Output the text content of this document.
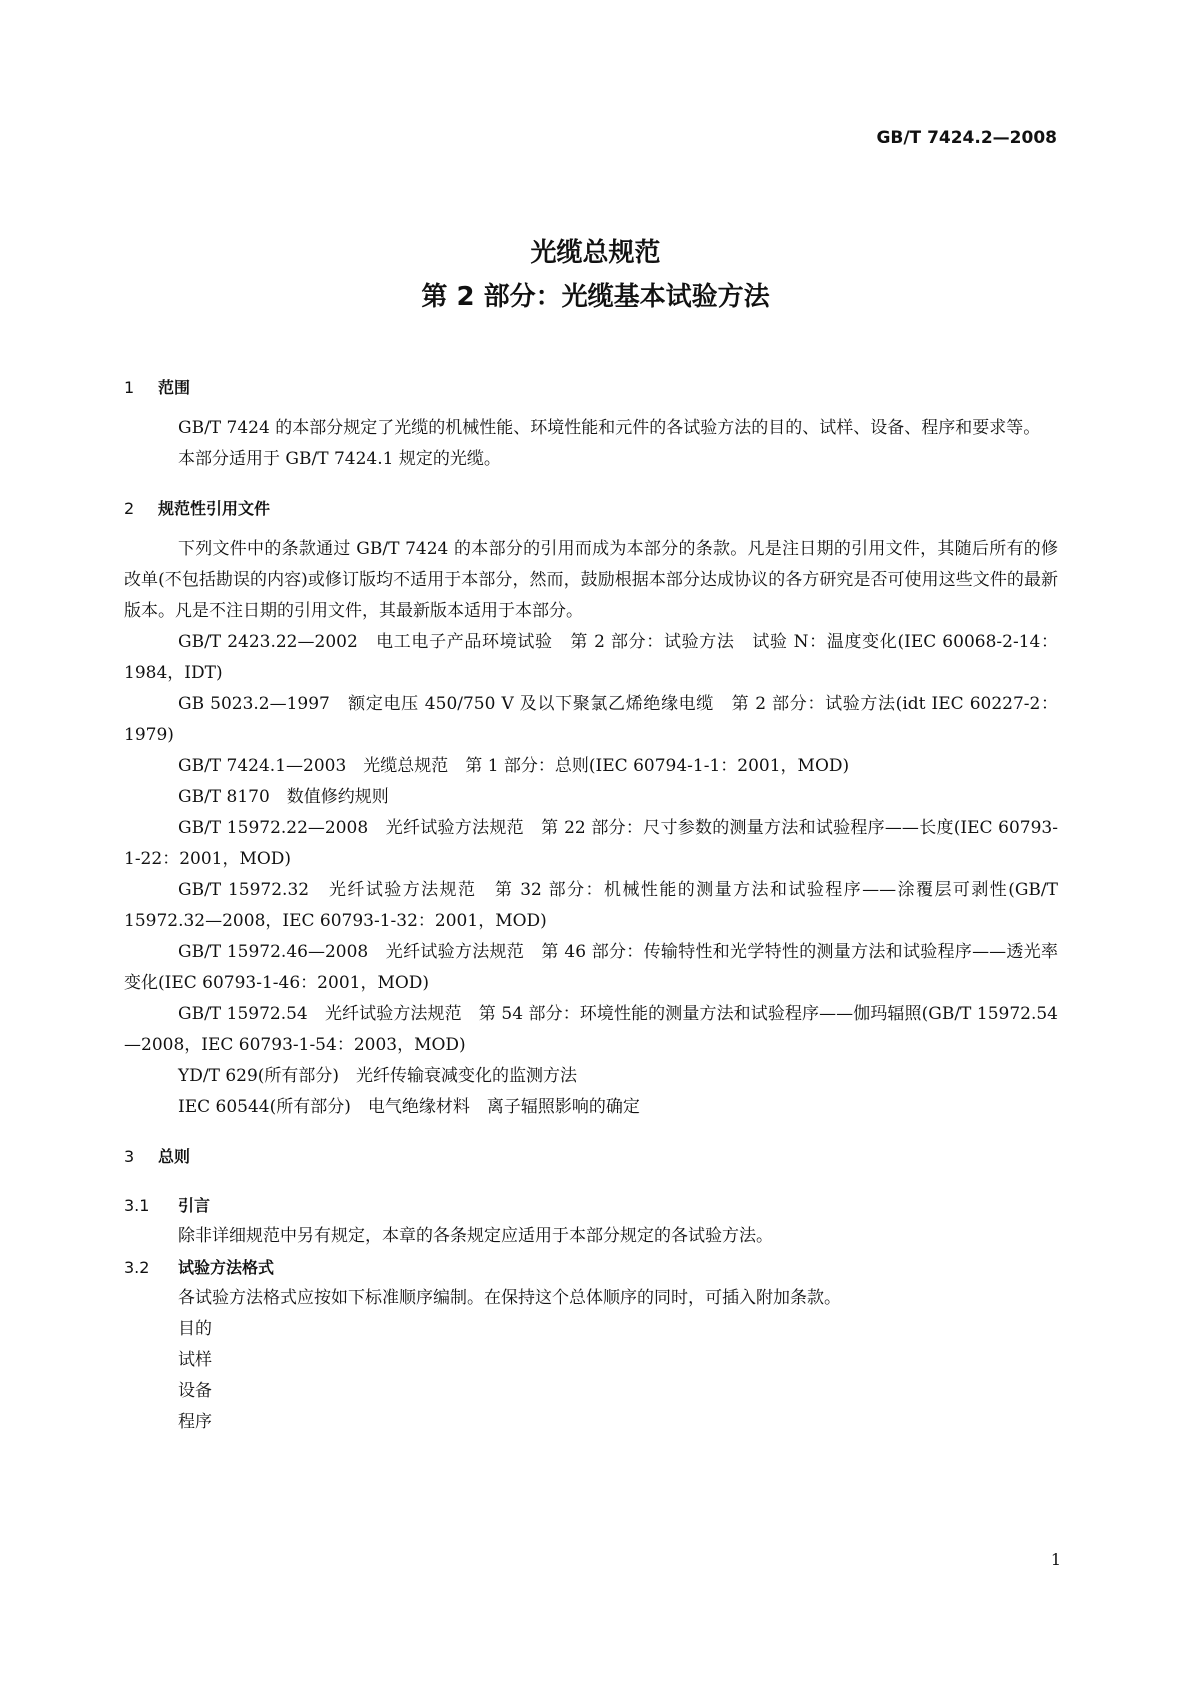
GB/T 7424.2—2008
光缆总规范
第 2 部分：光缆基本试验方法
1 范围

GB/T 7424 的本部分规定了光缆的机械性能、环境性能和元件的各试验方法的目的、试样、设备、程序和要求等。

本部分适用于 GB/T 7424.1 规定的光缆。

2 规范性引用文件

下列文件中的条款通过 GB/T 7424 的本部分的引用而成为本部分的条款。凡是注日期的引用文件，其随后所有的修改单(不包括勘误的内容)或修订版均不适用于本部分，然而，鼓励根据本部分达成协议的各方研究是否可使用这些文件的最新版本。凡是不注日期的引用文件，其最新版本适用于本部分。

GB/T 2423.22—2002　电工电子产品环境试验　第 2 部分：试验方法　试验 N：温度变化(IEC 60068-2-14：1984，IDT)

GB 5023.2—1997　额定电压 450/750 V 及以下聚氯乙烯绝缘电缆　第 2 部分：试验方法(idt IEC 60227-2：1979)

GB/T 7424.1—2003　光缆总规范　第 1 部分：总则(IEC 60794-1-1：2001，MOD)

GB/T 8170　数值修约规则

GB/T 15972.22—2008　光纤试验方法规范　第 22 部分：尺寸参数的测量方法和试验程序——长度(IEC 60793-1-22：2001，MOD)

GB/T 15972.32　光纤试验方法规范　第 32 部分：机械性能的测量方法和试验程序——涂覆层可剥性(GB/T 15972.32—2008，IEC 60793-1-32：2001，MOD)

GB/T 15972.46—2008　光纤试验方法规范　第 46 部分：传输特性和光学特性的测量方法和试验程序——透光率变化(IEC 60793-1-46：2001，MOD)

GB/T 15972.54　光纤试验方法规范　第 54 部分：环境性能的测量方法和试验程序——伽玛辐照(GB/T 15972.54—2008，IEC 60793-1-54：2003，MOD)

YD/T 629(所有部分)　光纤传输衰减变化的监测方法

IEC 60544(所有部分)　电气绝缘材料　离子辐照影响的确定

3 总则
3.1 引言

除非详细规范中另有规定，本章的各条规定应适用于本部分规定的各试验方法。

3.2 试验方法格式

各试验方法格式应按如下标准顺序编制。在保持这个总体顺序的同时，可插入附加条款。

目的

试样

设备

程序

1
